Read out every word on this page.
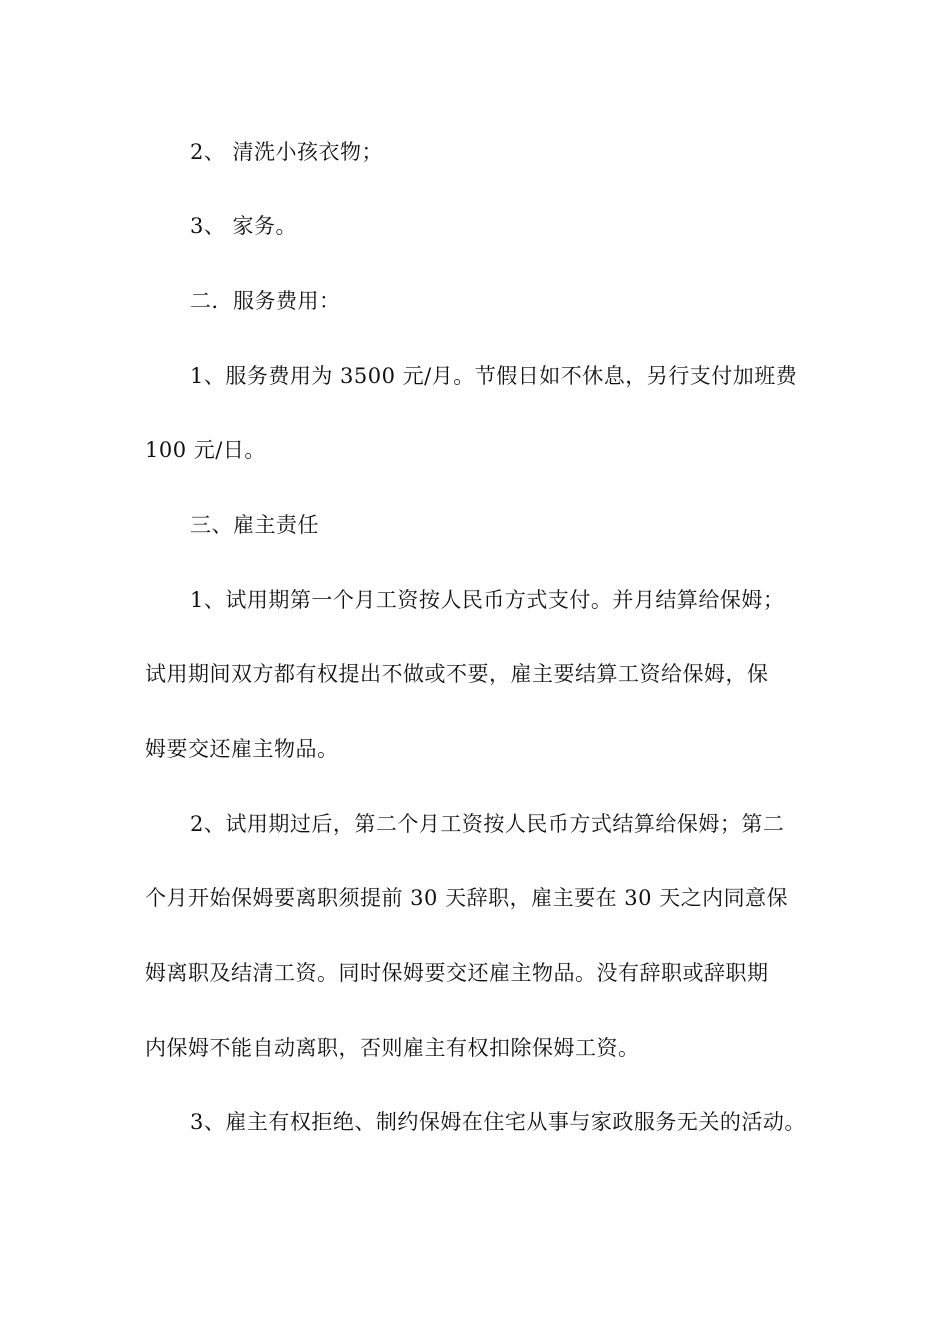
2、 清洗小孩衣物；
3、 家务。
二．服务费用：
1、服务费用为 3500 元/月。节假日如不休息，另行支付加班费
100 元/日。
三、雇主责任
1、试用期第一个月工资按人民币方式支付。并月结算给保姆；
试用期间双方都有权提出不做或不要，雇主要结算工资给保姆，保
姆要交还雇主物品。
2、试用期过后，第二个月工资按人民币方式结算给保姆；第二
个月开始保姆要离职须提前 30 天辞职，雇主要在 30 天之内同意保
姆离职及结清工资。同时保姆要交还雇主物品。没有辞职或辞职期
内保姆不能自动离职，否则雇主有权扣除保姆工资。
3、雇主有权拒绝、制约保姆在住宅从事与家政服务无关的活动。
